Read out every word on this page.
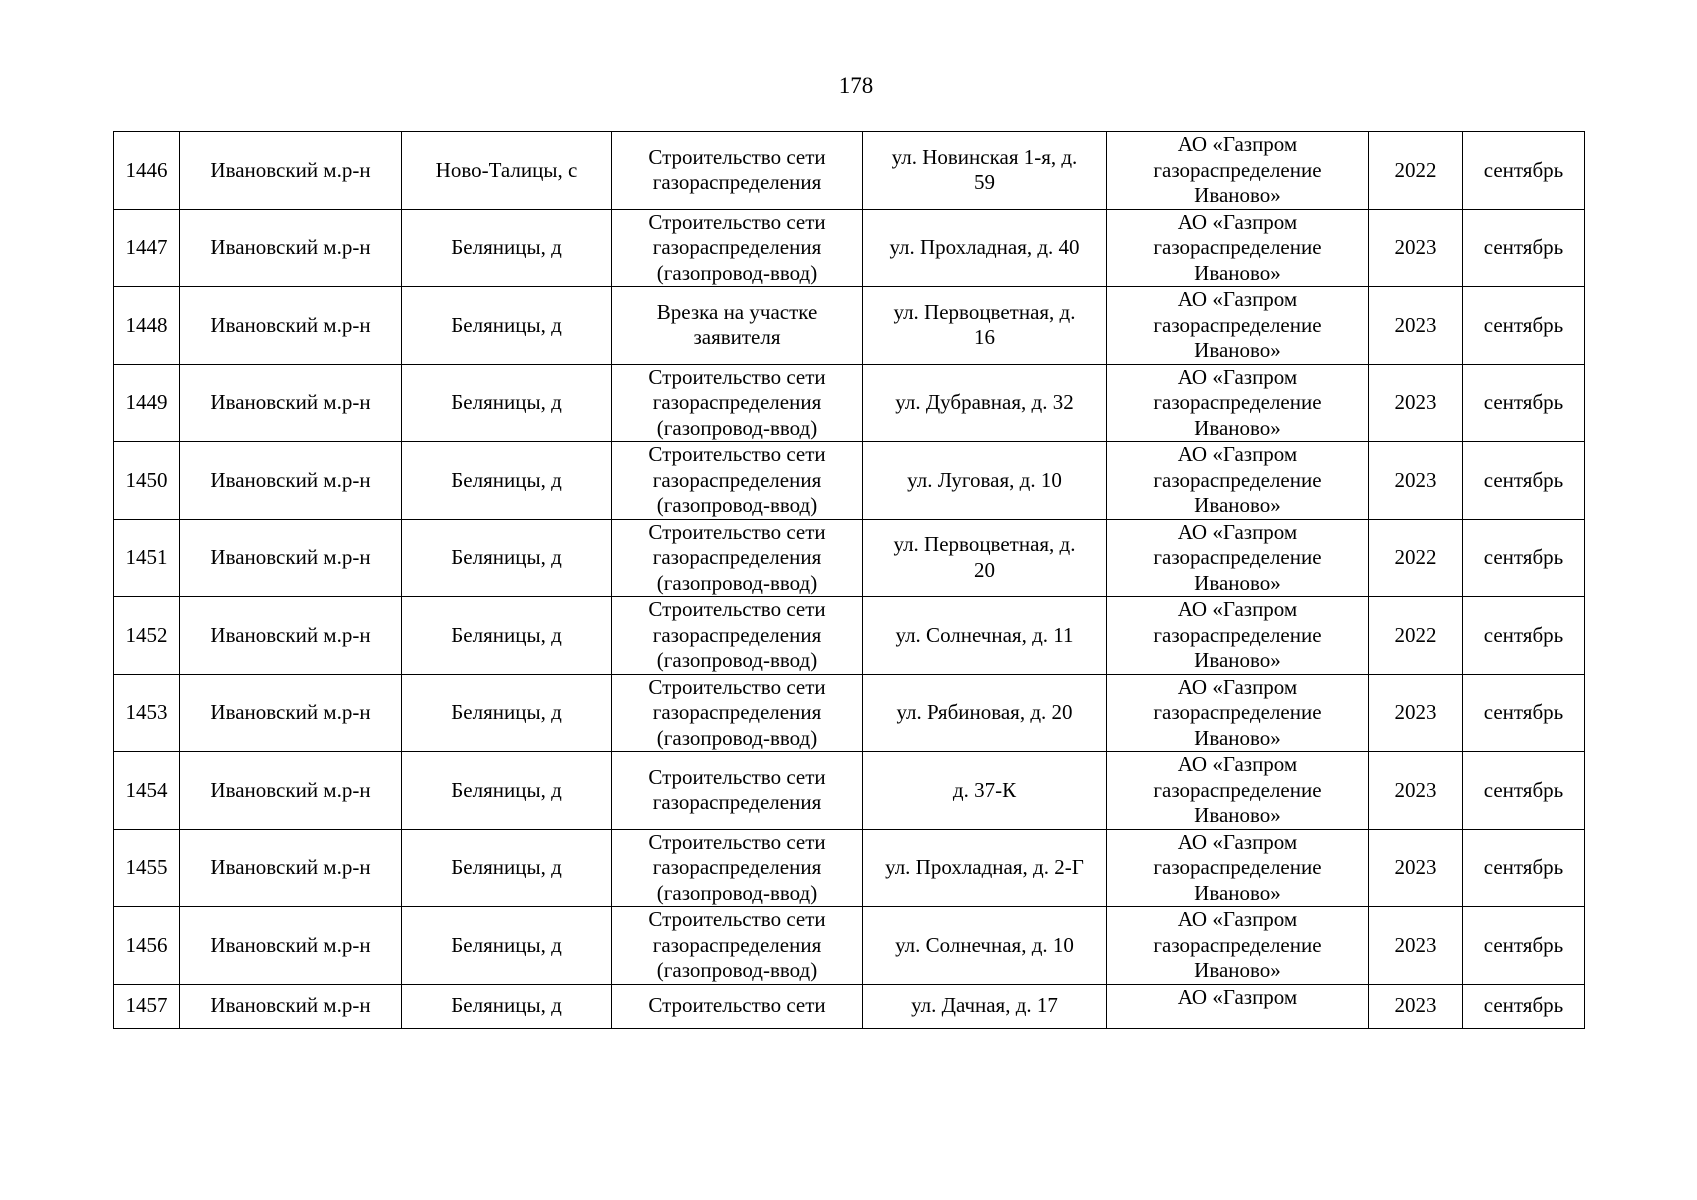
178
1446	Ивановский м.р-н	Ново-Талицы, с	Строительство сети
газораспределения	ул. Новинская 1-я, д.
59	АО «Газпром
газораспределение
Иваново»	2022	сентябрь
1447	Ивановский м.р-н	Беляницы, д	Строительство сети
газораспределения
(газопровод-ввод)	ул. Прохладная, д. 40	АО «Газпром
газораспределение
Иваново»	2023	сентябрь
1448	Ивановский м.р-н	Беляницы, д	Врезка на участке
заявителя	ул. Первоцветная, д.
16	АО «Газпром
газораспределение
Иваново»	2023	сентябрь
1449	Ивановский м.р-н	Беляницы, д	Строительство сети
газораспределения
(газопровод-ввод)	ул. Дубравная, д. 32	АО «Газпром
газораспределение
Иваново»	2023	сентябрь
1450	Ивановский м.р-н	Беляницы, д	Строительство сети
газораспределения
(газопровод-ввод)	ул. Луговая, д. 10	АО «Газпром
газораспределение
Иваново»	2023	сентябрь
1451	Ивановский м.р-н	Беляницы, д	Строительство сети
газораспределения
(газопровод-ввод)	ул. Первоцветная, д.
20	АО «Газпром
газораспределение
Иваново»	2022	сентябрь
1452	Ивановский м.р-н	Беляницы, д	Строительство сети
газораспределения
(газопровод-ввод)	ул. Солнечная, д. 11	АО «Газпром
газораспределение
Иваново»	2022	сентябрь
1453	Ивановский м.р-н	Беляницы, д	Строительство сети
газораспределения
(газопровод-ввод)	ул. Рябиновая, д. 20	АО «Газпром
газораспределение
Иваново»	2023	сентябрь
1454	Ивановский м.р-н	Беляницы, д	Строительство сети
газораспределения	д. 37-К	АО «Газпром
газораспределение
Иваново»	2023	сентябрь
1455	Ивановский м.р-н	Беляницы, д	Строительство сети
газораспределения
(газопровод-ввод)	ул. Прохладная, д. 2-Г	АО «Газпром
газораспределение
Иваново»	2023	сентябрь
1456	Ивановский м.р-н	Беляницы, д	Строительство сети
газораспределения
(газопровод-ввод)	ул. Солнечная, д. 10	АО «Газпром
газораспределение
Иваново»	2023	сентябрь
1457	Ивановский м.р-н	Беляницы, д	Строительство сети	ул. Дачная, д. 17	АО «Газпром	2023	сентябрь
